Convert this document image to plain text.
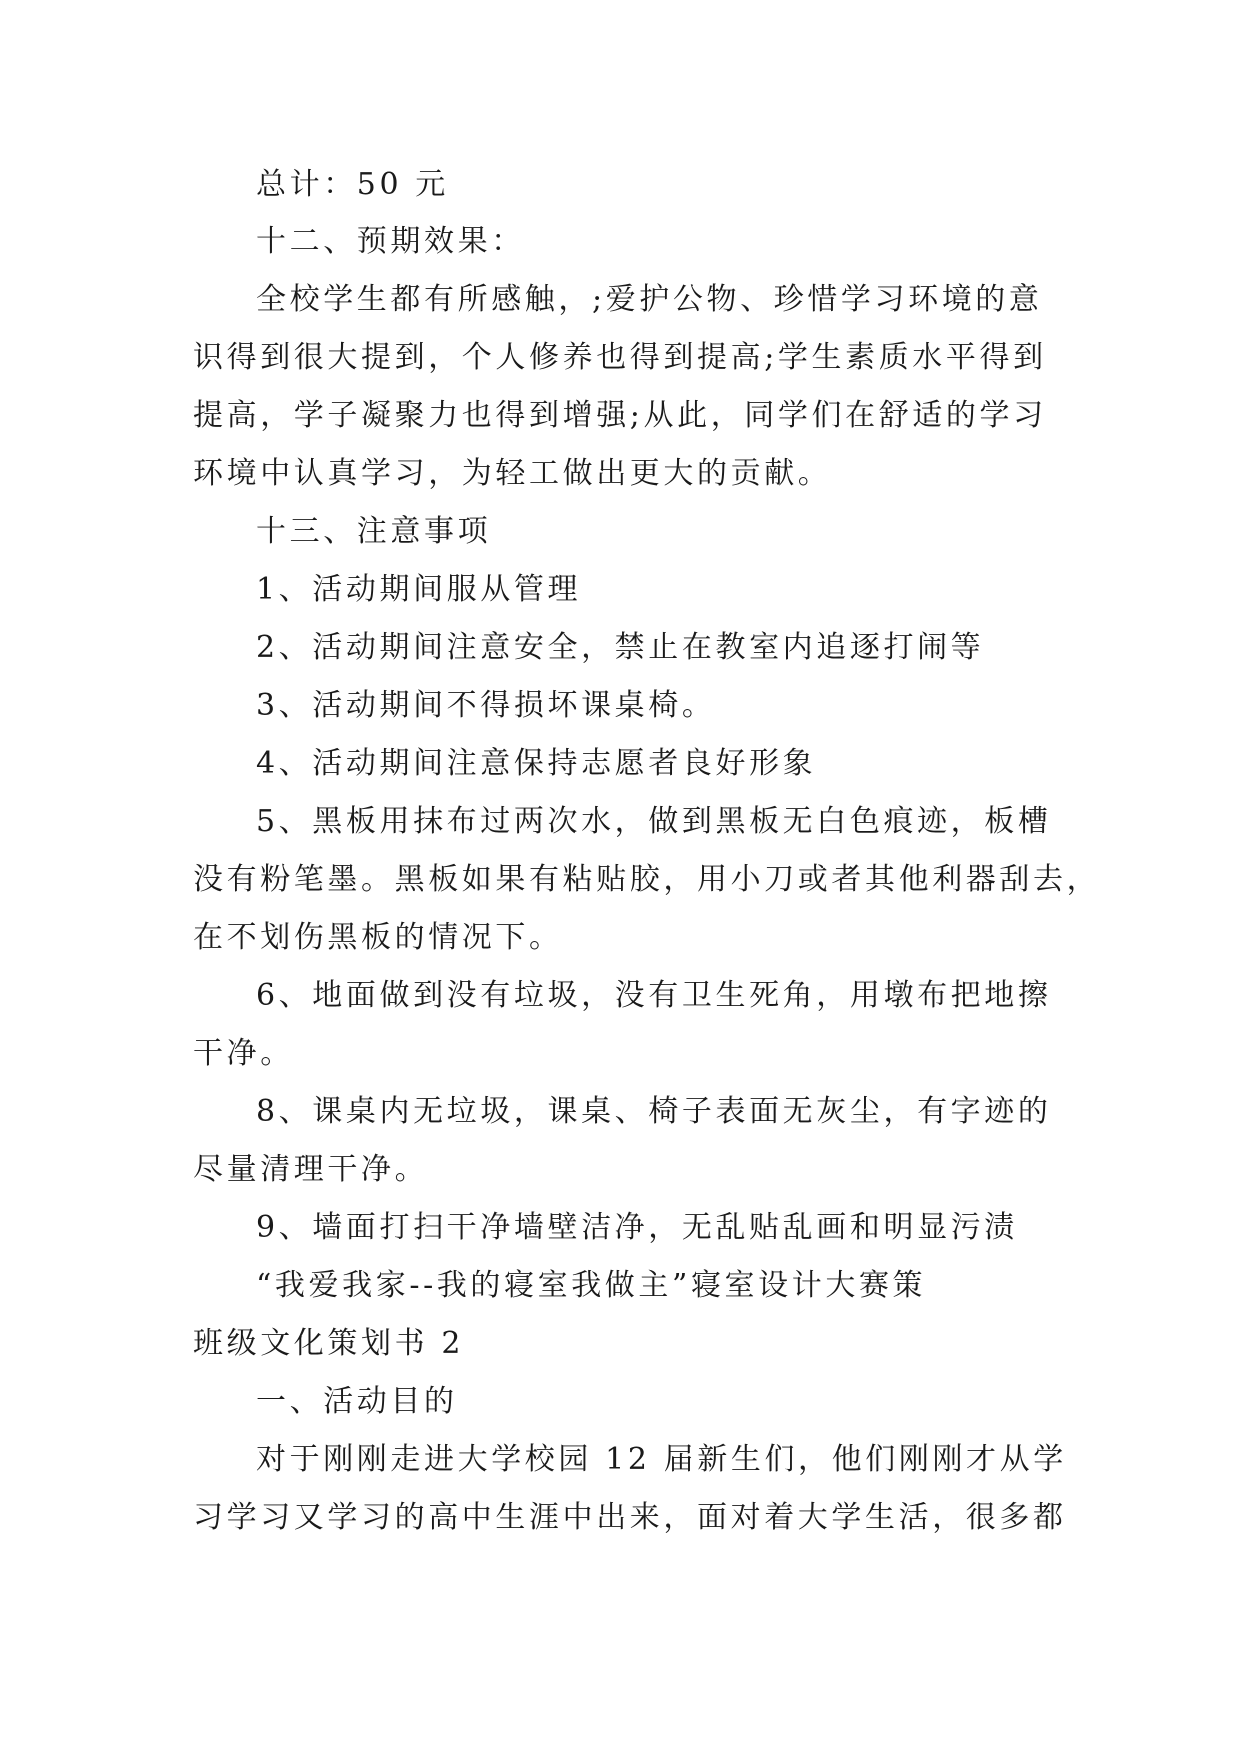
总计：50 元
十二、预期效果：
全校学生都有所感触，;爱护公物、珍惜学习环境的意
识得到很大提到，个人修养也得到提高;学生素质水平得到
提高，学子凝聚力也得到增强;从此，同学们在舒适的学习
环境中认真学习，为轻工做出更大的贡献。
十三、注意事项
1、活动期间服从管理
2、活动期间注意安全，禁止在教室内追逐打闹等
3、活动期间不得损坏课桌椅。
4、活动期间注意保持志愿者良好形象
5、黑板用抹布过两次水，做到黑板无白色痕迹，板槽
没有粉笔墨。黑板如果有粘贴胶，用小刀或者其他利器刮去，
在不划伤黑板的情况下。
6、地面做到没有垃圾，没有卫生死角，用墩布把地擦
干净。
8、课桌内无垃圾，课桌、椅子表面无灰尘，有字迹的
尽量清理干净。
9、墙面打扫干净墙壁洁净，无乱贴乱画和明显污渍
“我爱我家--我的寝室我做主”寝室设计大赛策
班级文化策划书 2
一、活动目的
对于刚刚走进大学校园 12 届新生们，他们刚刚才从学
习学习又学习的高中生涯中出来，面对着大学生活，很多都
